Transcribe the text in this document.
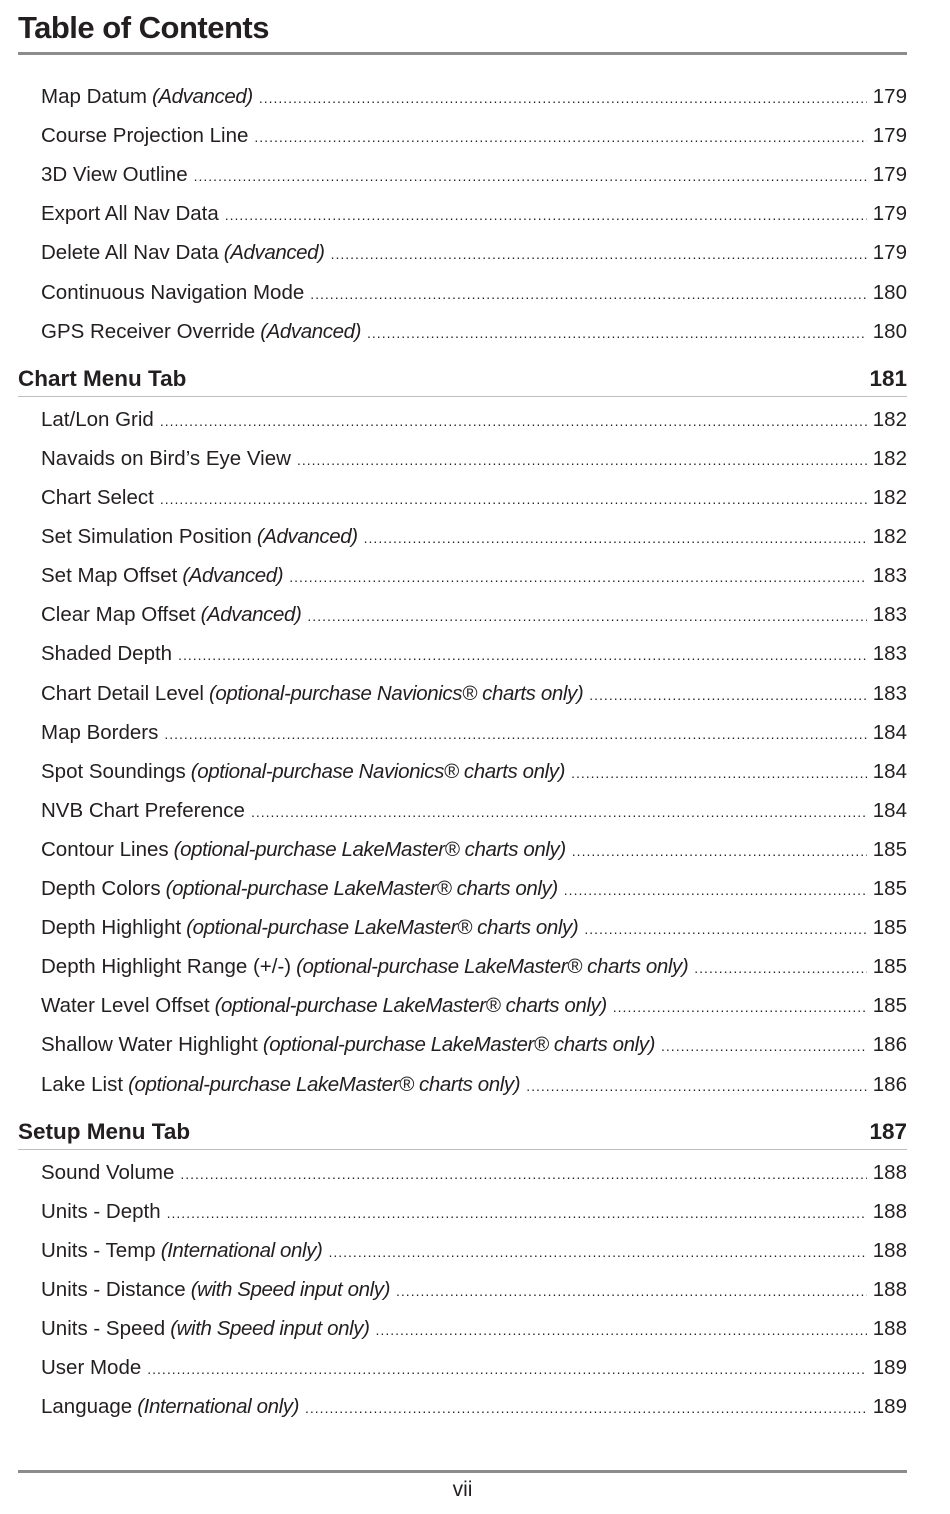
Table of Contents
Map Datum (Advanced) .....	179
Course Projection Line .....	179
3D View Outline .....	179
Export All Nav Data .....	179
Delete All Nav Data (Advanced) .....	179
Continuous Navigation Mode .....	180
GPS Receiver Override (Advanced) .....	180
Chart Menu Tab	181
Lat/Lon Grid .....	182
Navaids on Bird’s Eye View .....	182
Chart Select .....	182
Set Simulation Position (Advanced) .....	182
Set Map Offset (Advanced) .....	183
Clear Map Offset (Advanced) .....	183
Shaded Depth .....	183
Chart Detail Level (optional-purchase Navionics® charts only) .....	183
Map Borders .....	184
Spot Soundings (optional-purchase Navionics® charts only) .....	184
NVB Chart Preference .....	184
Contour Lines (optional-purchase LakeMaster® charts only) .....	185
Depth Colors (optional-purchase LakeMaster® charts only) .....	185
Depth Highlight (optional-purchase LakeMaster® charts only) .....	185
Depth Highlight Range (+/-) (optional-purchase LakeMaster® charts only) .....	185
Water Level Offset (optional-purchase LakeMaster® charts only) .....	185
Shallow Water Highlight (optional-purchase LakeMaster® charts only) .....	186
Lake List (optional-purchase LakeMaster® charts only) .....	186
Setup Menu Tab	187
Sound Volume .....	188
Units - Depth .....	188
Units - Temp (International only) .....	188
Units - Distance (with Speed input only) .....	188
Units - Speed (with Speed input only) .....	188
User Mode .....	189
Language (International only) .....	189
vii
